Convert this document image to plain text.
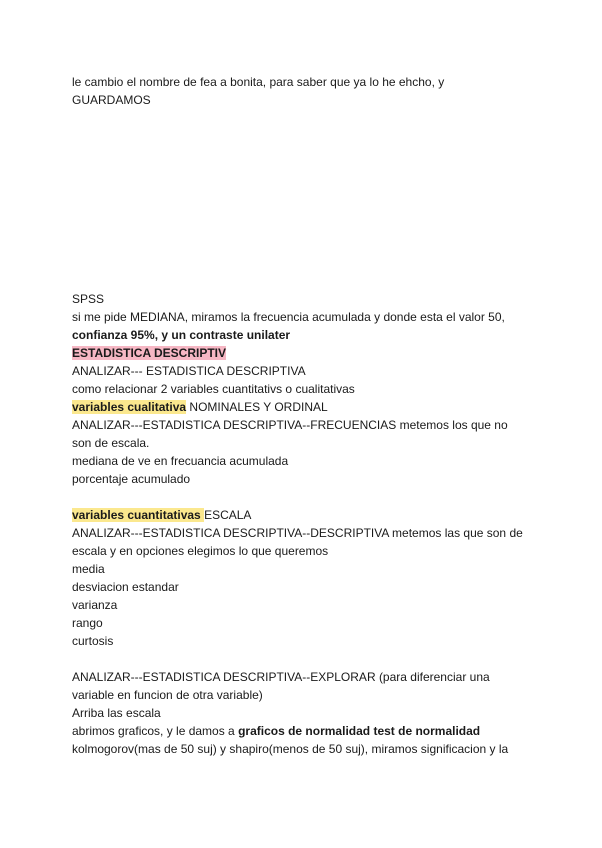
le cambio el nombre de fea a bonita, para saber que ya lo he ehcho, y
GUARDAMOS
SPSS
si me pide MEDIANA, miramos la frecuencia acumulada y donde esta el valor 50,
confianza 95%, y un contraste unilater
ESTADISTICA DESCRIPTIV
ANALIZAR--- ESTADISTICA DESCRIPTIVA
como relacionar 2 variables cuantitativs o cualitativas
variables cualitativa NOMINALES Y ORDINAL
ANALIZAR---ESTADISTICA DESCRIPTIVA--FRECUENCIAS metemos los que no
son de escala.
mediana de ve en frecuancia acumulada
porcentaje acumulado
variables cuantitativas ESCALA
ANALIZAR---ESTADISTICA DESCRIPTIVA--DESCRIPTIVA metemos las que son de
escala y en opciones elegimos lo que queremos
media
desviacion estandar
varianza
rango
curtosis
ANALIZAR---ESTADISTICA DESCRIPTIVA--EXPLORAR (para diferenciar una
variable en funcion de otra variable)
Arriba las escala
abrimos graficos, y le damos a graficos de normalidad test de normalidad
kolmogorov(mas de 50 suj) y shapiro(menos de 50 suj), miramos significacion y la
